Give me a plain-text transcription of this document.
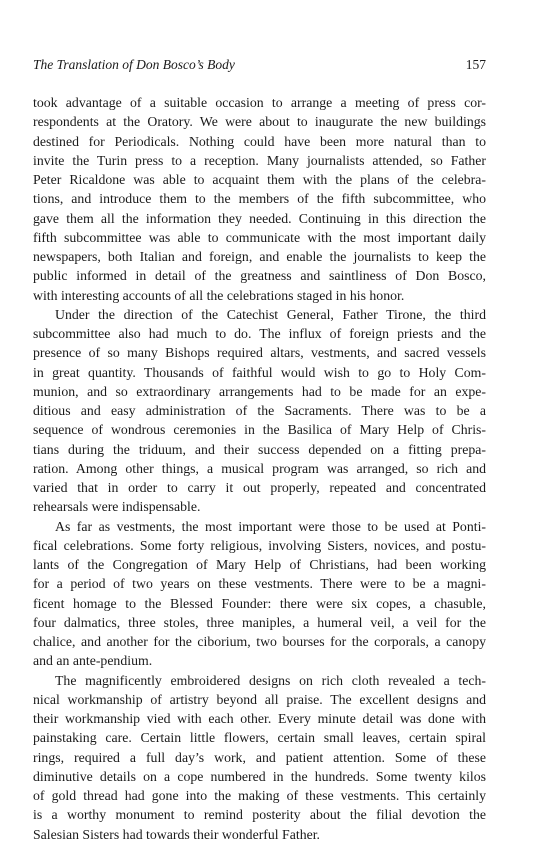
The Translation of Don Bosco’s Body	157
took advantage of a suitable occasion to arrange a meeting of press cor-
respondents at the Oratory. We were about to inaugurate the new buildings
destined for Periodicals. Nothing could have been more natural than to
invite the Turin press to a reception. Many journalists attended, so Father
Peter Ricaldone was able to acquaint them with the plans of the celebra-
tions, and introduce them to the members of the fifth subcommittee, who
gave them all the information they needed. Continuing in this direction the
fifth subcommittee was able to communicate with the most important daily
newspapers, both Italian and foreign, and enable the journalists to keep the
public informed in detail of the greatness and saintliness of Don Bosco,
with interesting accounts of all the celebrations staged in his honor.
Under the direction of the Catechist General, Father Tirone, the third
subcommittee also had much to do. The influx of foreign priests and the
presence of so many Bishops required altars, vestments, and sacred vessels
in great quantity. Thousands of faithful would wish to go to Holy Com-
munion, and so extraordinary arrangements had to be made for an expe-
ditious and easy administration of the Sacraments. There was to be a
sequence of wondrous ceremonies in the Basilica of Mary Help of Chris-
tians during the triduum, and their success depended on a fitting prepa-
ration. Among other things, a musical program was arranged, so rich and
varied that in order to carry it out properly, repeated and concentrated
rehearsals were indispensable.
As far as vestments, the most important were those to be used at Ponti-
fical celebrations. Some forty religious, involving Sisters, novices, and postu-
lants of the Congregation of Mary Help of Christians, had been working
for a period of two years on these vestments. There were to be a magni-
ficent homage to the Blessed Founder: there were six copes, a chasuble,
four dalmatics, three stoles, three maniples, a humeral veil, a veil for the
chalice, and another for the ciborium, two bourses for the corporals, a canopy
and an ante-pendium.
The magnificently embroidered designs on rich cloth revealed a tech-
nical workmanship of artistry beyond all praise. The excellent designs and
their workmanship vied with each other. Every minute detail was done with
painstaking care. Certain little flowers, certain small leaves, certain spiral
rings, required a full day’s work, and patient attention. Some of these
diminutive details on a cope numbered in the hundreds. Some twenty kilos
of gold thread had gone into the making of these vestments. This certainly
is a worthy monument to remind posterity about the filial devotion the
Salesian Sisters had towards their wonderful Father.
